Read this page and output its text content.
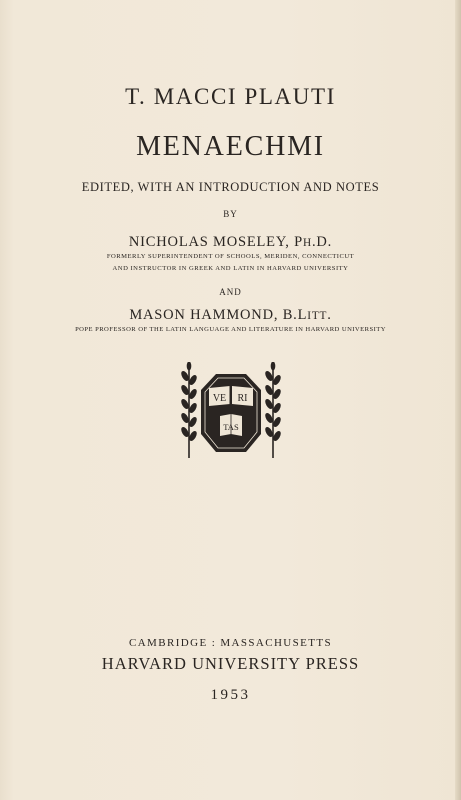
T. MACCI PLAUTI
MENAECHMI
EDITED, WITH AN INTRODUCTION AND NOTES
BY
NICHOLAS MOSELEY, PH.D.
FORMERLY SUPERINTENDENT OF SCHOOLS, MERIDEN, CONNECTICUT
AND INSTRUCTOR IN GREEK AND LATIN IN HARVARD UNIVERSITY
AND
MASON HAMMOND, B.LITT.
POPE PROFESSOR OF THE LATIN LANGUAGE AND LITERATURE IN HARVARD UNIVERSITY
VE RI
TAS
CAMBRIDGE : MASSACHUSETTS
HARVARD UNIVERSITY PRESS
1953
